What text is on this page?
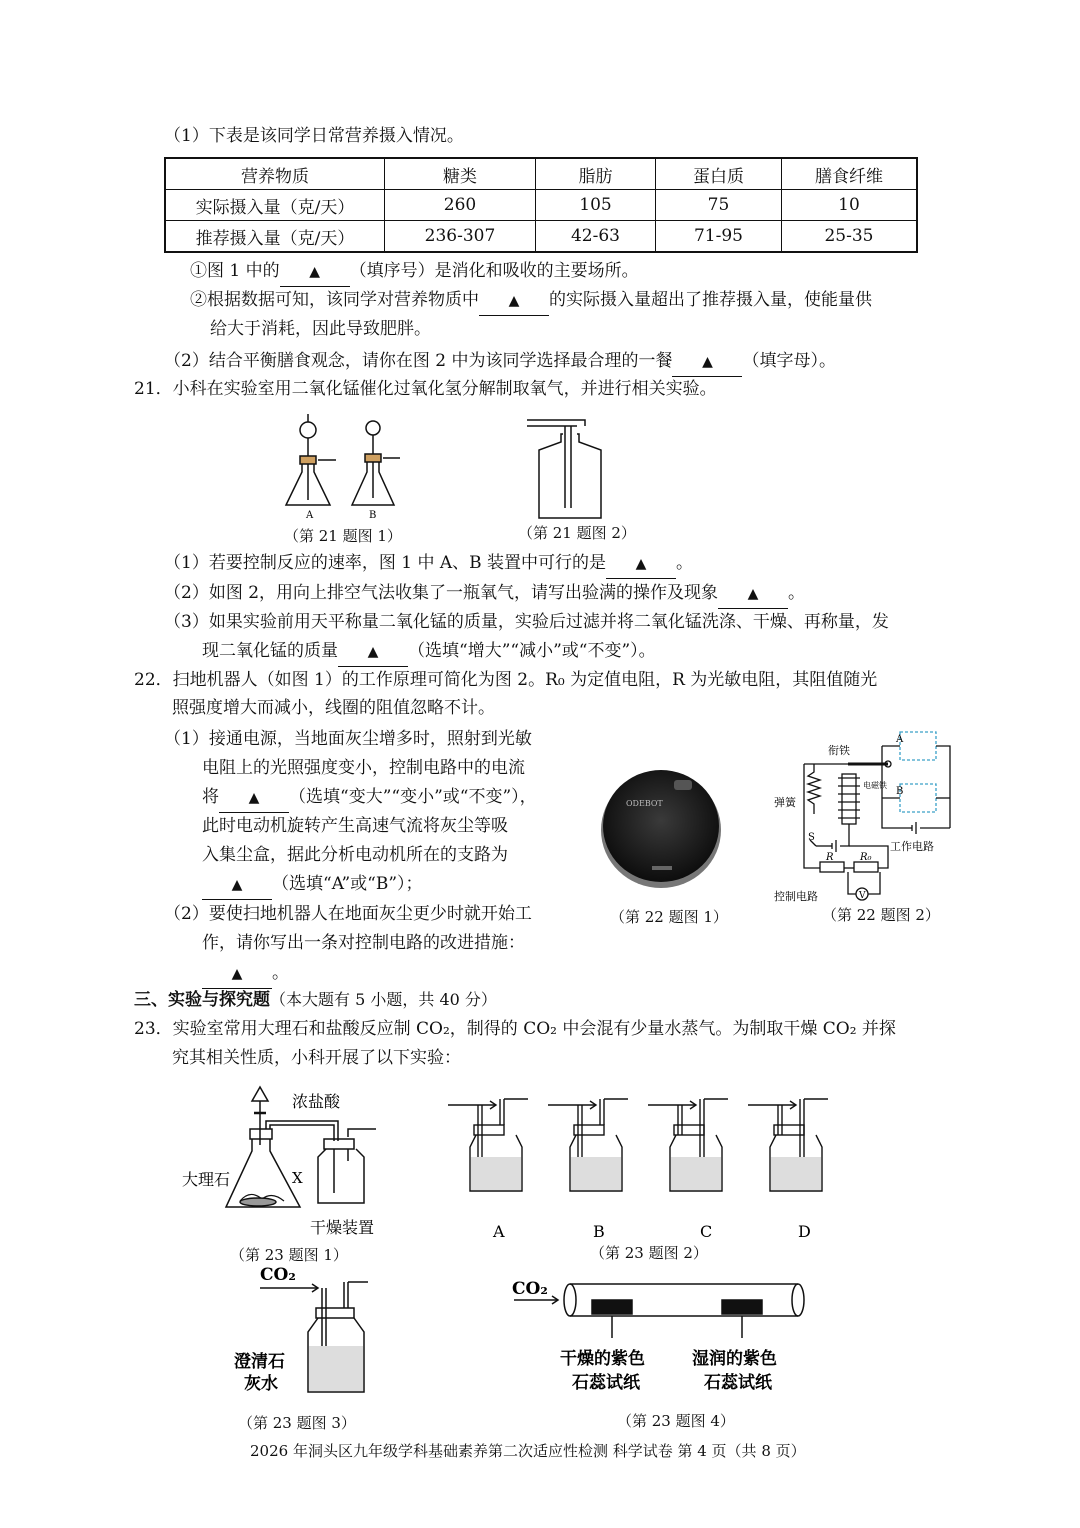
（1）下表是该同学日常营养摄入情况。
营养物质	糖类	脂肪	蛋白质	膳食纤维
实际摄入量（克/天）	260	105	75	10
推荐摄入量（克/天）	236-307	42-63	71-95	25-35
①图 1 中的 ▲ （填序号）是消化和吸收的主要场所。
②根据数据可知，该同学对营养物质中 ▲ 的实际摄入量超出了推荐摄入量，使能量供
给大于消耗，因此导致肥胖。
（2）结合平衡膳食观念，请你在图 2 中为该同学选择最合理的一餐 ▲ （填字母）。
21．小科在实验室用二氧化锰催化过氧化氢分解制取氧气，并进行相关实验。
A	B
（第 21 题图 1）	（第 21 题图 2）
（1）若要控制反应的速率，图 1 中 A、B 装置中可行的是 ▲ 。
（2）如图 2，用向上排空气法收集了一瓶氧气，请写出验满的操作及现象 ▲ 。
（3）如果实验前用天平称量二氧化锰的质量，实验后过滤并将二氧化锰洗涤、干燥、再称量，发
现二氧化锰的质量 ▲ （选填“增大”“减小”或“不变”）。
22．扫地机器人（如图 1）的工作原理可简化为图 2。R₀ 为定值电阻，R 为光敏电阻，其阻值随光
照强度增大而减小，线圈的阻值忽略不计。
（1）接通电源，当地面灰尘增多时，照射到光敏
电阻上的光照强度变小，控制电路中的电流
将 ▲ （选填“变大”“变小”或“不变”），
此时电动机旋转产生高速气流将灰尘等吸
入集尘盒，据此分析电动机所在的支路为
▲ （选填“A”或“B”）；
（2）要使扫地机器人在地面灰尘更少时就开始工
作，请你写出一条对控制电路的改进措施：
▲ 。
ODEBOT
（第 22 题图 1）
衔铁
弹簧
电磁铁
S
R	R₀
V
A
B
工作电路
控制电路
（第 22 题图 2）
三、实验与探究题（本大题有 5 小题，共 40 分）
23．实验室常用大理石和盐酸反应制 CO₂，制得的 CO₂ 中会混有少量水蒸气。为制取干燥 CO₂ 并探
究其相关性质，小科开展了以下实验：
浓盐酸
大理石	X
干燥装置
（第 23 题图 1）
A	B	C	D
（第 23 题图 2）
CO₂
澄清石
灰水
（第 23 题图 3）
CO₂
干燥的紫色
石蕊试纸
湿润的紫色
石蕊试纸
（第 23 题图 4）
2026 年洞头区九年级学科基础素养第二次适应性检测 科学试卷 第 4 页（共 8 页）
